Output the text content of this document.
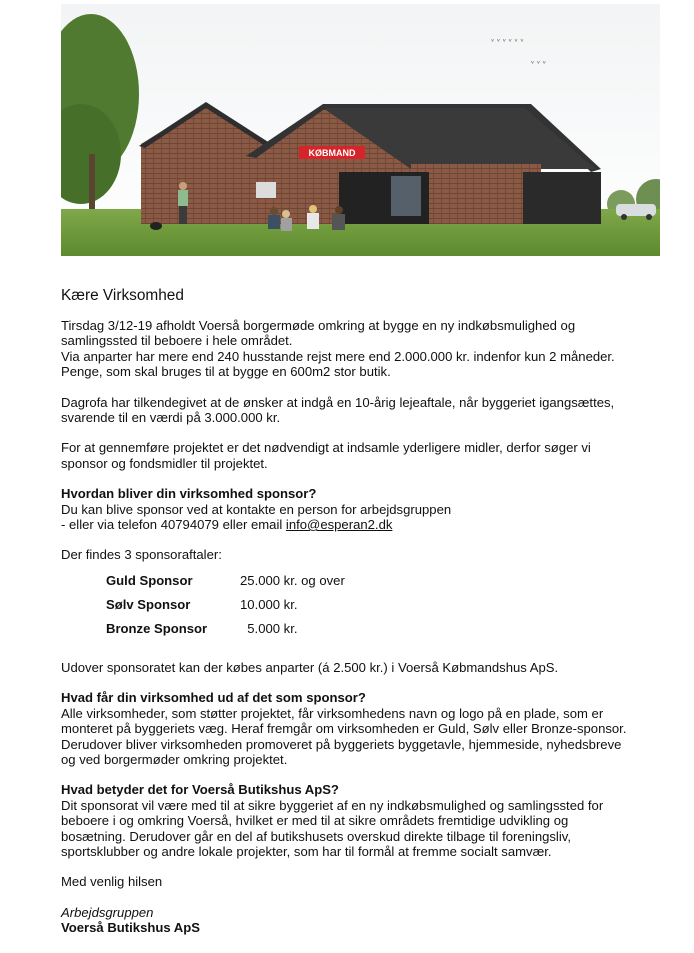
KØBMAND
ᵛ ᵛ ᵛ ᵛ ᵛ ᵛ
ᵛ ᵛ ᵛ
Kære Virksomhed

Tirsdag 3/12-19 afholdt Voerså borgermøde omkring at bygge en ny indkøbsmulighed og
samlingssted til beboere i hele området.
Via anparter har mere end 240 husstande rejst mere end 2.000.000 kr. indenfor kun 2 måneder.
Penge, som skal bruges til at bygge en 600m2 stor butik.

Dagrofa har tilkendegivet at de ønsker at indgå en 10-årig lejeaftale, når byggeriet igangsættes,
svarende til en værdi på 3.000.000 kr.

For at gennemføre projektet er det nødvendigt at indsamle yderligere midler, derfor søger vi
sponsor og fondsmidler til projektet.

Hvordan bliver din virksomhed sponsor?
Du kan blive sponsor ved at kontakte en person for arbejdsgruppen
- eller via telefon 40794079 eller email info@esperan2.dk

Der findes 3 sponsoraftaler:
Guld Sponsor	25.000 kr. og over
Sølv Sponsor	10.000 kr.
Bronze Sponsor	5.000 kr.

Udover sponsoratet kan der købes anparter (á 2.500 kr.) i Voerså Købmandshus ApS.

Hvad får din virksomhed ud af det som sponsor?
Alle virksomheder, som støtter projektet, får virksomhedens navn og logo på en plade, som er
monteret på byggeriets væg. Heraf fremgår om virksomheden er Guld, Sølv eller Bronze-sponsor.
Derudover bliver virksomheden promoveret på byggeriets byggetavle, hjemmeside, nyhedsbreve
og ved borgermøder omkring projektet.

Hvad betyder det for Voerså Butikshus ApS?
Dit sponsorat vil være med til at sikre byggeriet af en ny indkøbsmulighed og samlingssted for
beboere i og omkring Voerså, hvilket er med til at sikre områdets fremtidige udvikling og
bosætning. Derudover går en del af butikshusets overskud direkte tilbage til foreningsliv,
sportsklubber og andre lokale projekter, som har til formål at fremme socialt samvær.

Med venlig hilsen

Arbejdsgruppen
Voerså Butikshus ApS
